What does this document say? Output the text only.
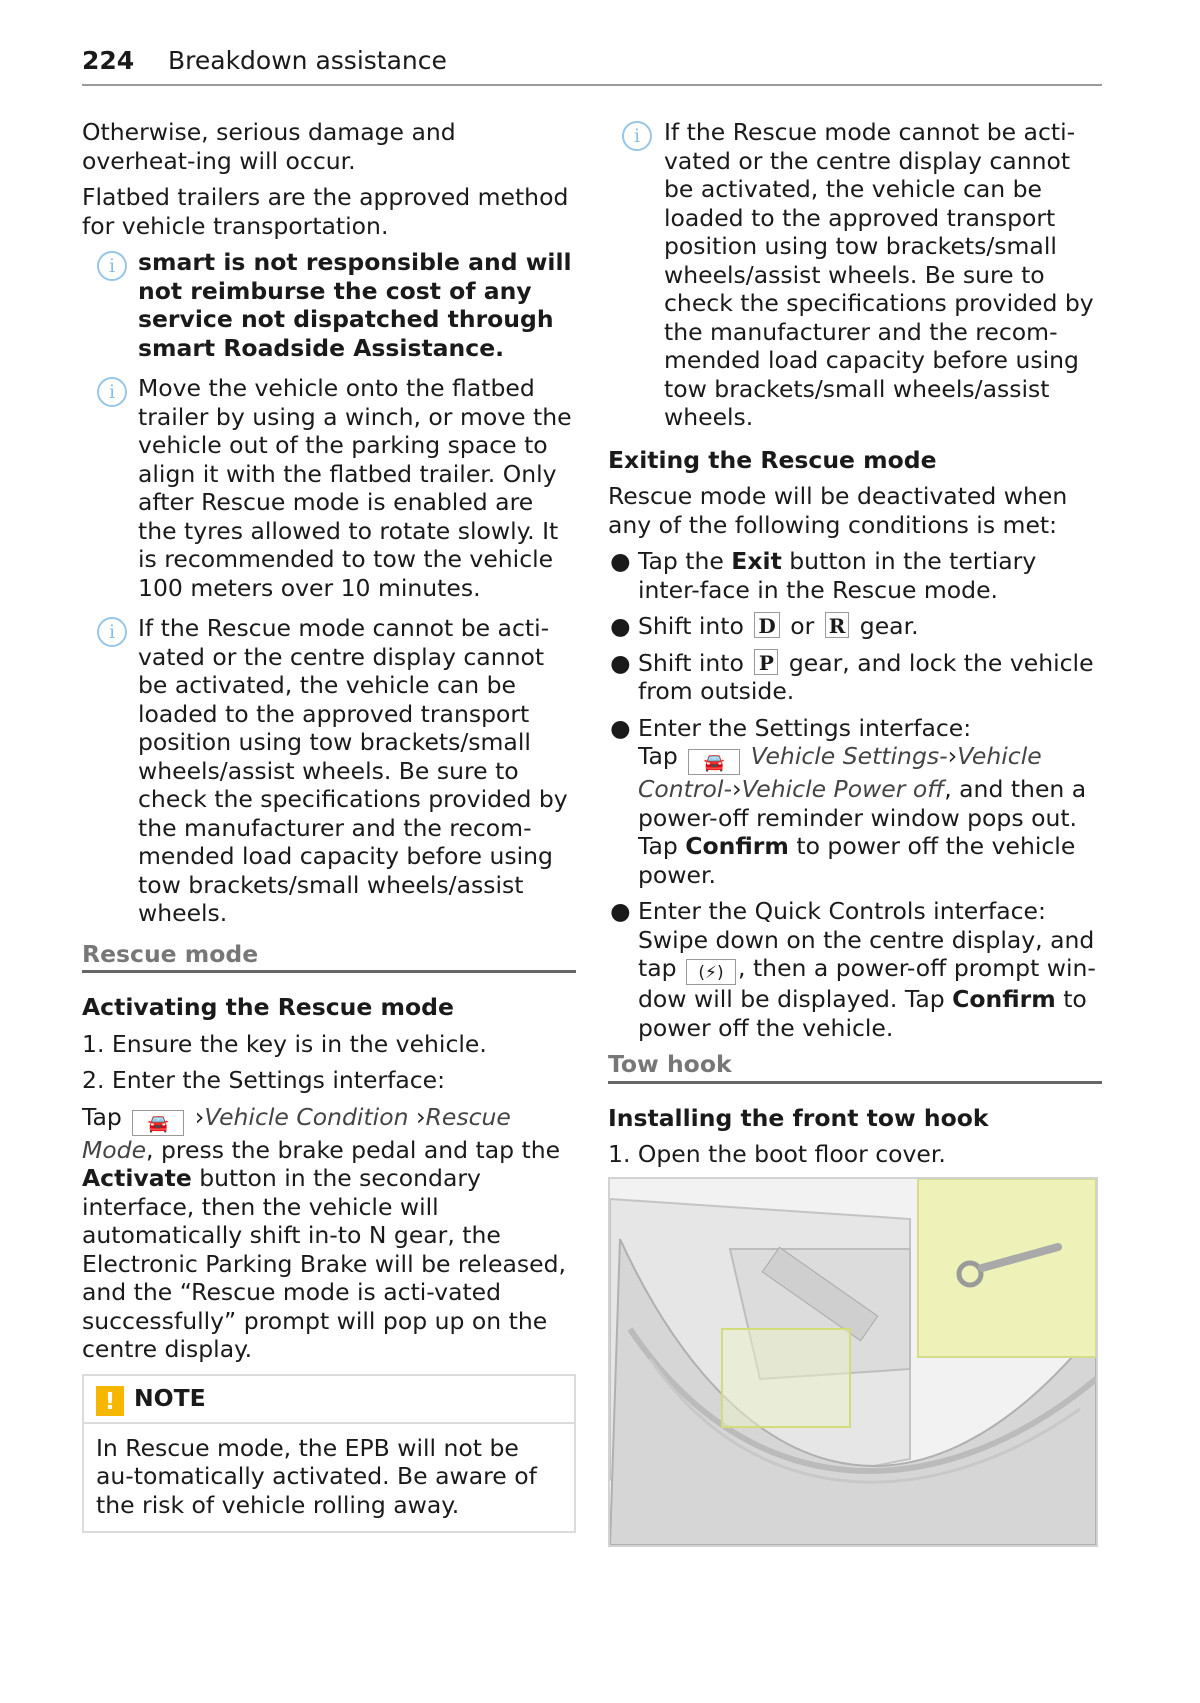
224 Breakdown assistance

Otherwise, serious damage and overheat-ing will occur.

Flatbed trailers are the approved method for vehicle transportation.

i smart is not responsible and will not reimburse the cost of any service not dispatched through smart Roadside Assistance.
i Move the vehicle onto the flatbed trailer by using a winch, or move the vehicle out of the parking space to align it with the flatbed trailer. Only after Rescue mode is enabled are the tyres allowed to rotate slowly. It is recommended to tow the vehicle 100 meters over 10 minutes.
i If the Rescue mode cannot be acti-vated or the centre display cannot be activated, the vehicle can be loaded to the approved transport position using tow brackets/small wheels/assist wheels. Be sure to check the specifications provided by the manufacturer and the recom-mended load capacity before using tow brackets/small wheels/assist wheels.
Rescue mode
Activating the Rescue mode
1. Ensure the key is in the vehicle.
2. Enter the Settings interface:

Tap 🚘 ›Vehicle Condition ›Rescue Mode, press the brake pedal and tap the Activate button in the secondary interface, then the vehicle will automatically shift in-to N gear, the Electronic Parking Brake will be released, and the “Rescue mode is acti-vated successfully” prompt will pop up on the centre display.

! NOTE
In Rescue mode, the EPB will not be au-tomatically activated. Be aware of the risk of vehicle rolling away.
i	If the Rescue mode cannot be acti-vated or the centre display cannot be activated, the vehicle can be loaded to the approved transport position using tow brackets/small wheels/assist wheels. Be sure to check the specifications provided by the manufacturer and the recom-mended load capacity before using tow brackets/small wheels/assist wheels.
Exiting the Rescue mode

Rescue mode will be deactivated when any of the following conditions is met:

● Tap the Exit button in the tertiary inter-face in the Rescue mode.
● Shift into D or R gear.
● Shift into P gear, and lock the vehicle from outside.
● Enter the Settings interface:
Tap 🚘 Vehicle Settings-›Vehicle Control-›Vehicle Power off, and then a power-off reminder window pops out. Tap Confirm to power off the vehicle power.
● Enter the Quick Controls interface: Swipe down on the centre display, and tap (⚡) , then a power-off prompt win-dow will be displayed. Tap Confirm to power off the vehicle.
Tow hook
Installing the front tow hook
1. Open the boot floor cover.
